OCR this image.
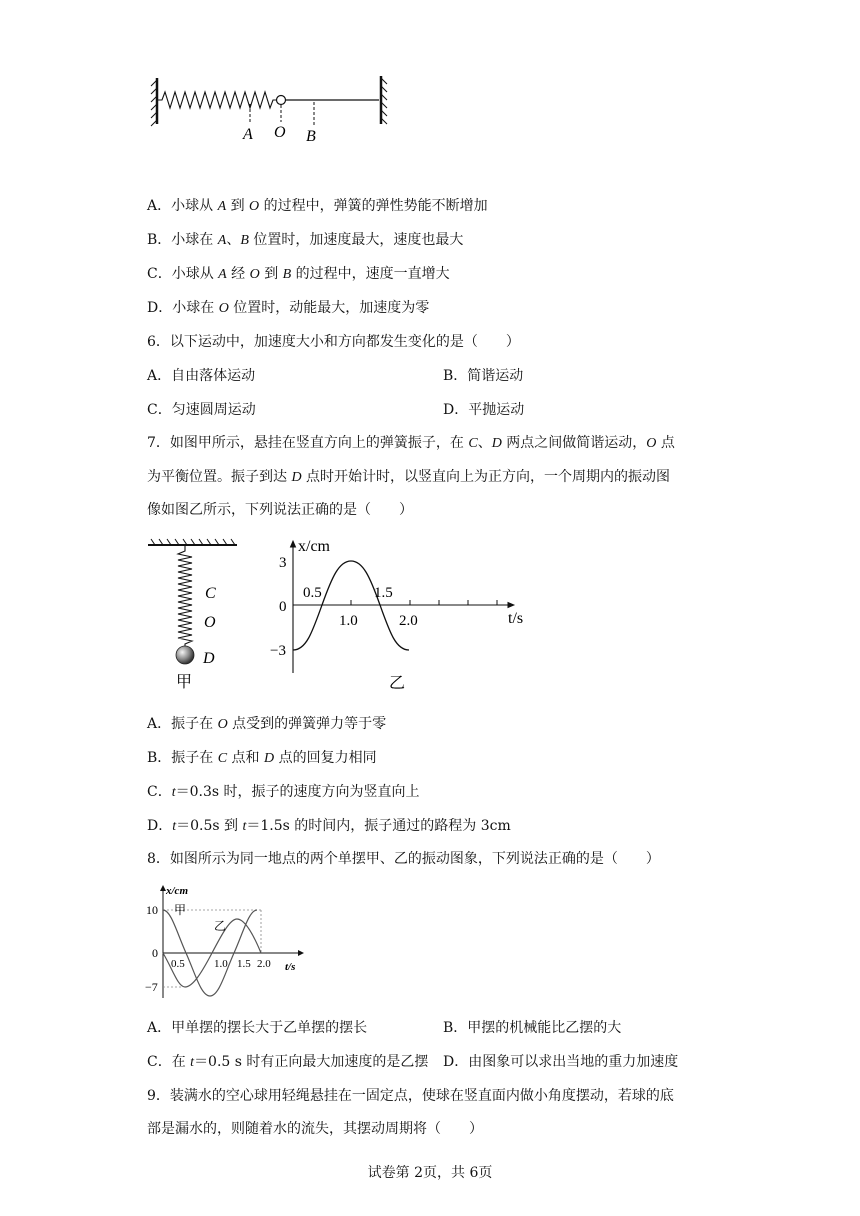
A O B
A．小球从 A 到 O 的过程中，弹簧的弹性势能不断增加
B．小球在 A、B 位置时，加速度最大，速度也最大
C．小球从 A 经 O 到 B 的过程中，速度一直增大
D．小球在 O 位置时，动能最大，加速度为零
6．以下运动中，加速度大小和方向都发生变化的是（　　）
A．自由落体运动	B．简谐运动
C．匀速圆周运动	D．平抛运动
7．如图甲所示，悬挂在竖直方向上的弹簧振子，在 C、D 两点之间做简谐运动，O 点
为平衡位置。振子到达 D 点时开始计时，以竖直向上为正方向，一个周期内的振动图
像如图乙所示，下列说法正确的是（　　）
C
O
D
甲
x/cm
t/s
3
0
−3
0.5
1.0
1.5
2.0
乙
A．振子在 O 点受到的弹簧弹力等于零
B．振子在 C 点和 D 点的回复力相同
C．t＝0.3s 时，振子的速度方向为竖直向上
D．t＝0.5s 到 t＝1.5s 的时间内，振子通过的路程为 3cm
8．如图所示为同一地点的两个单摆甲、乙的振动图象，下列说法正确的是（　　）
x/cm
t/s
10
0
−7
0.5	1.0 1.5 2.0
甲
乙
A．甲单摆的摆长大于乙单摆的摆长	B．甲摆的机械能比乙摆的大
C．在 t＝0.5 s 时有正向最大加速度的是乙摆 D．由图象可以求出当地的重力加速度
9．装满水的空心球用轻绳悬挂在一固定点，使球在竖直面内做小角度摆动，若球的底
部是漏水的，则随着水的流失，其摆动周期将（　　）
试卷第 2页，共 6页
